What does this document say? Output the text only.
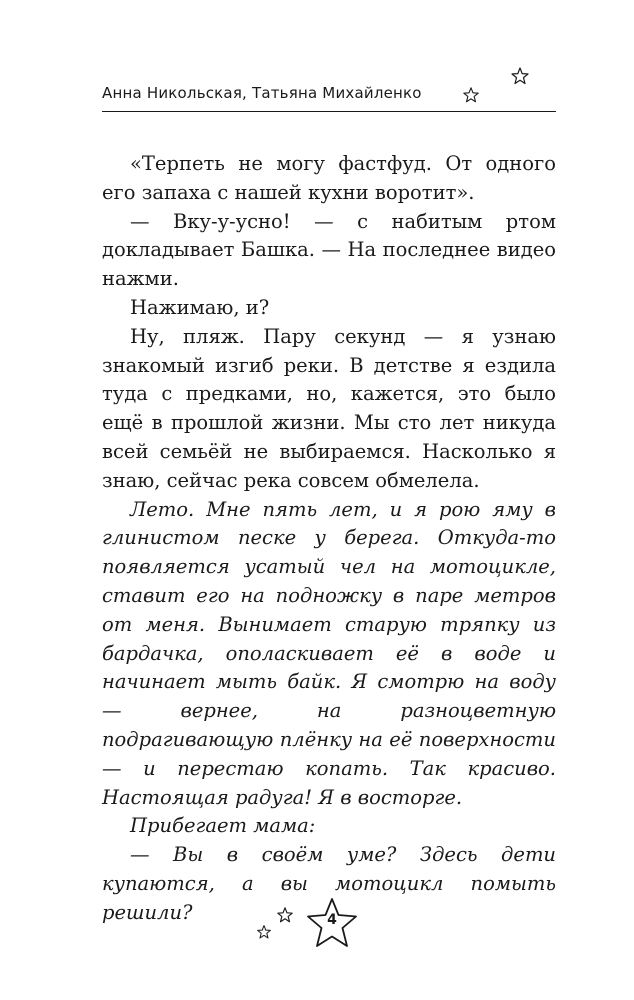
Анна Никольская, Татьяна Михайленко

«Терпеть не могу фастфуд. От одного его запаха с нашей кухни воротит».

— Вку-у-усно! — с набитым ртом докладывает Башка. — На последнее видео нажми.

Нажимаю, и?

Ну, пляж. Пару секунд — я узнаю знакомый изгиб реки. В детстве я ездила туда с предками, но, кажется, это было ещё в прошлой жизни. Мы сто лет никуда всей семьёй не выбираемся. Насколько я знаю, сейчас река совсем обмелела.

Лето. Мне пять лет, и я рою яму в глинистом песке у берега. Откуда-то появляется усатый чел на мотоцикле, ставит его на подножку в паре метров от меня. Вынимает старую тряпку из бардачка, ополаскивает её в воде и начинает мыть байк. Я смотрю на воду — вернее, на разноцветную подрагивающую плёнку на её поверхности — и перестаю копать. Так красиво. Настоящая радуга! Я в восторге.

Прибегает мама:

— Вы в своём уме? Здесь дети купаются, а вы мотоцикл помыть решили?	4
